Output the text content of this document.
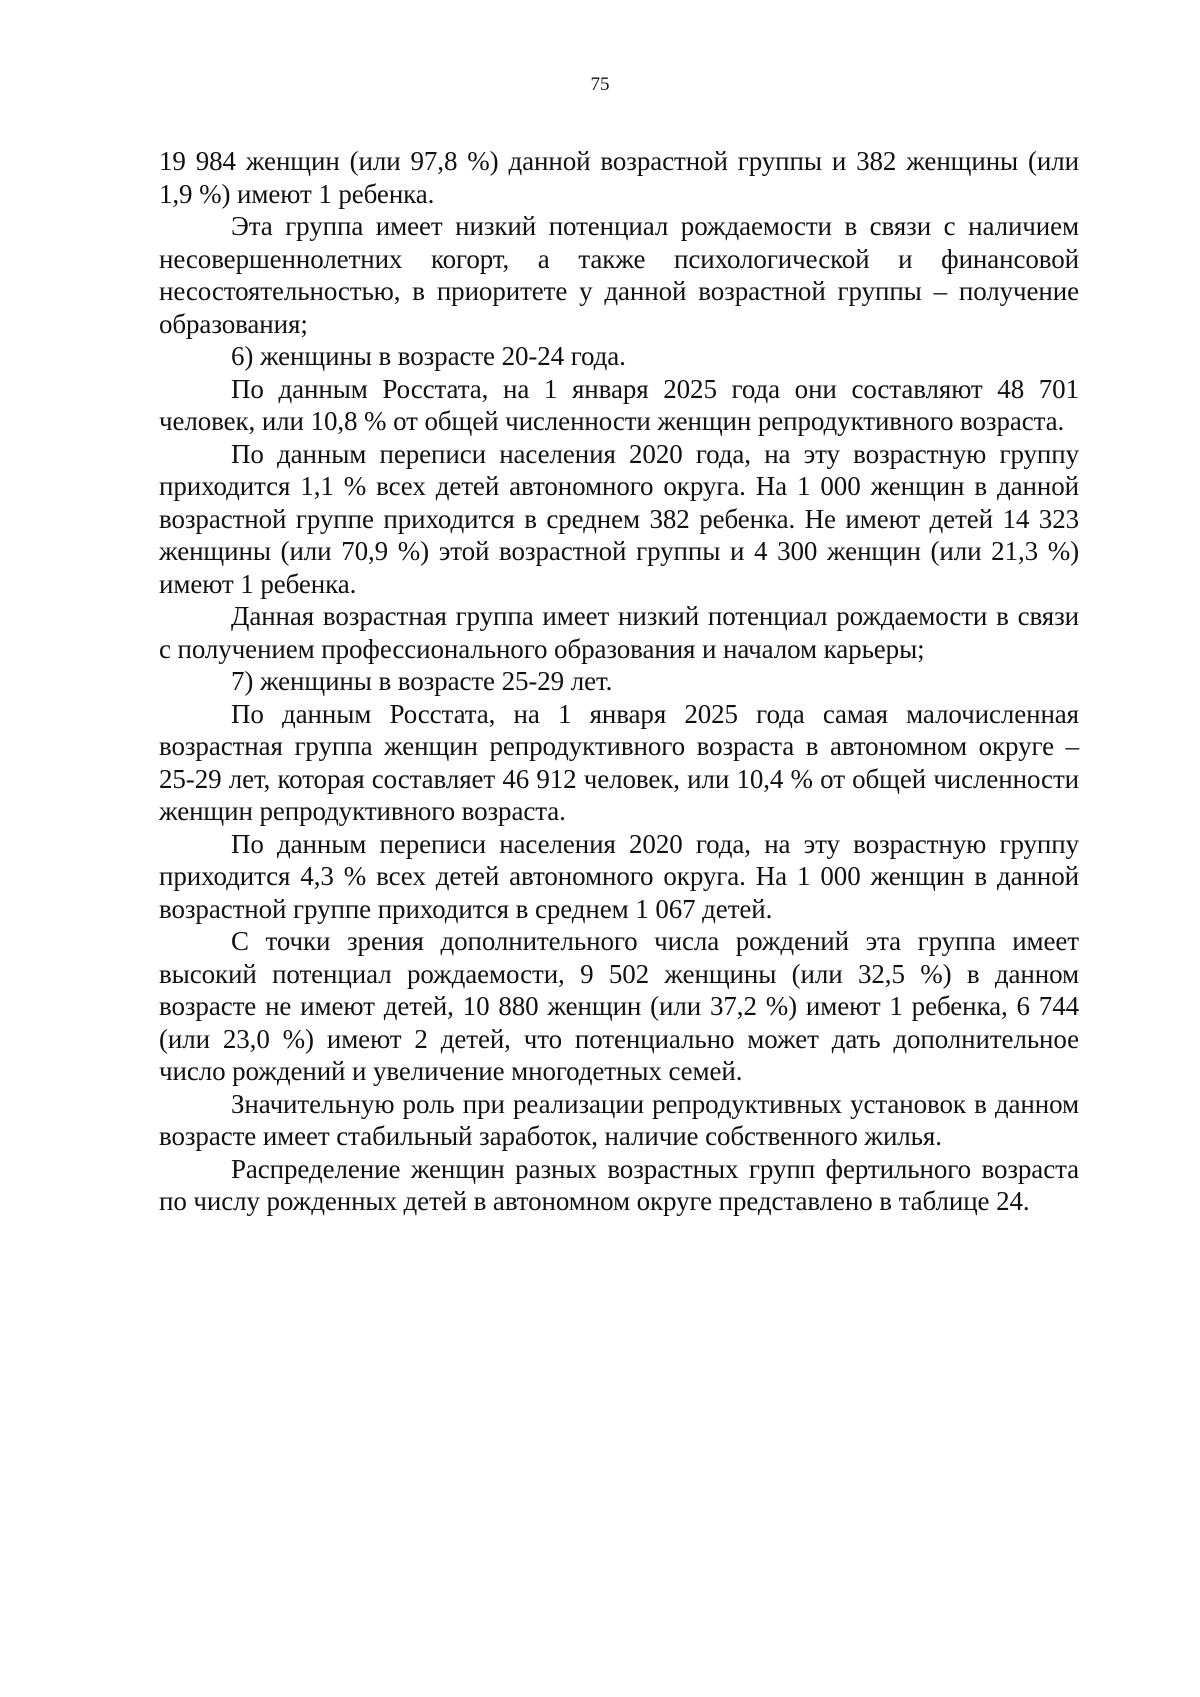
75

19 984 женщин (или 97,8 %) данной возрастной группы и 382 женщины (или 1,9 %) имеют 1 ребенка.

Эта группа имеет низкий потенциал рождаемости в связи с наличием несовершеннолетних когорт, а также психологической и финансовой несостоятельностью, в приоритете у данной возрастной группы – получение образования;

6) женщины в возрасте 20-24 года.

По данным Росстата, на 1 января 2025 года они составляют 48 701 человек, или 10,8 % от общей численности женщин репродуктивного возраста.

По данным переписи населения 2020 года, на эту возрастную группу приходится 1,1 % всех детей автономного округа. На 1 000 женщин в данной возрастной группе приходится в среднем 382 ребенка. Не имеют детей 14 323 женщины (или 70,9 %) этой возрастной группы и 4 300 женщин (или 21,3 %) имеют 1 ребенка.

Данная возрастная группа имеет низкий потенциал рождаемости в связи с получением профессионального образования и началом карьеры;

7) женщины в возрасте 25-29 лет.

По данным Росстата, на 1 января 2025 года самая малочисленная возрастная группа женщин репродуктивного возраста в автономном округе – 25-29 лет, которая составляет 46 912 человек, или 10,4 % от общей численности женщин репродуктивного возраста.

По данным переписи населения 2020 года, на эту возрастную группу приходится 4,3 % всех детей автономного округа. На 1 000 женщин в данной возрастной группе приходится в среднем 1 067 детей.

С точки зрения дополнительного числа рождений эта группа имеет высокий потенциал рождаемости, 9 502 женщины (или 32,5 %) в данном возрасте не имеют детей, 10 880 женщин (или 37,2 %) имеют 1 ребенка, 6 744 (или 23,0 %) имеют 2 детей, что потенциально может дать дополнительное число рождений и увеличение многодетных семей.

Значительную роль при реализации репродуктивных установок в данном возрасте имеет стабильный заработок, наличие собственного жилья.

Распределение женщин разных возрастных групп фертильного возраста по числу рожденных детей в автономном округе представлено в таблице 24.
